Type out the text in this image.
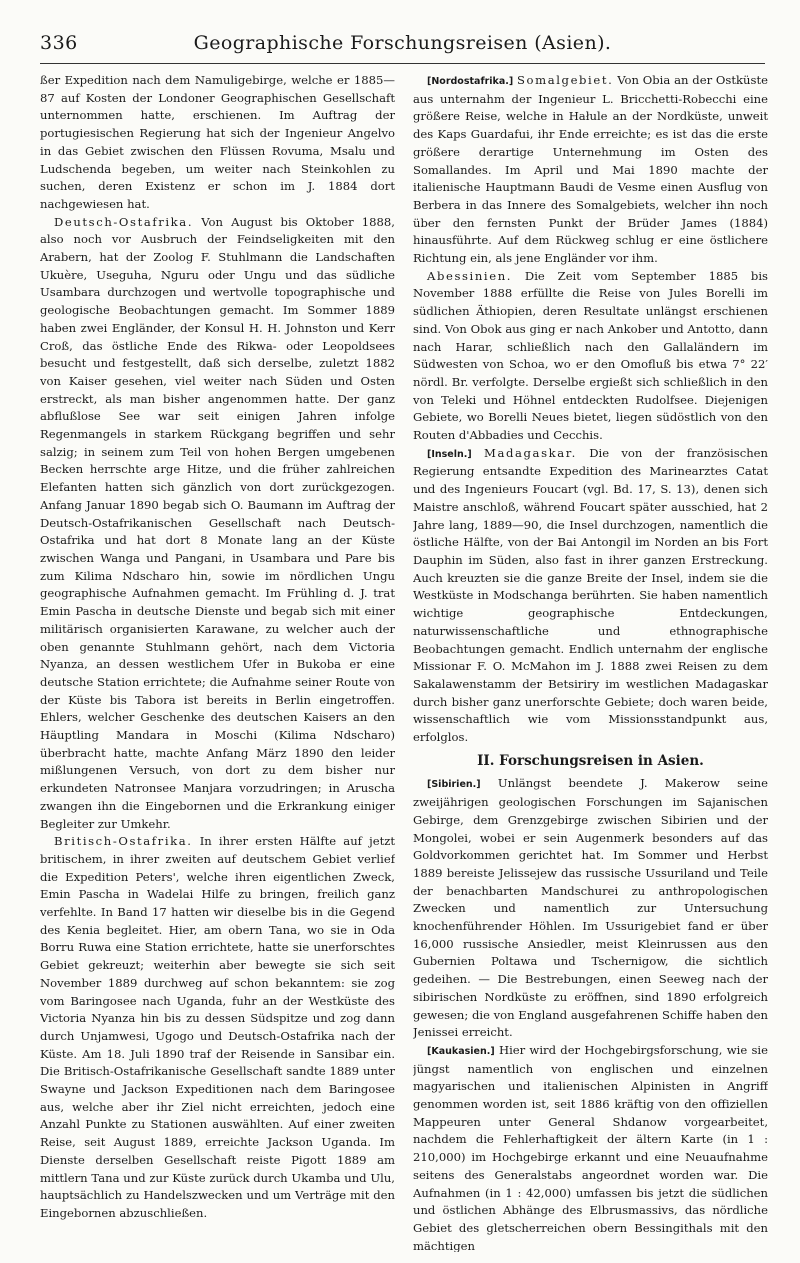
336	Geographische Forschungsreisen (Asien).

ßer Expedition nach dem Namuligebirge, welche er 1885—87 auf Kosten der Londoner Geographischen Gesellschaft unternommen hatte, erschienen. Im Auftrag der portugiesischen Regierung hat sich der Ingenieur Angelvo in das Gebiet zwischen den Flüssen Rovuma, Msalu und Ludschenda begeben, um weiter nach Steinkohlen zu suchen, deren Existenz er schon im J. 1884 dort nachgewiesen hat.

Deutsch-Ostafrika. Von August bis Oktober 1888, also noch vor Ausbruch der Feindseligkeiten mit den Arabern, hat der Zoolog F. Stuhlmann die Landschaften Ukuère, Useguha, Nguru oder Ungu und das südliche Usambara durchzogen und wertvolle topographische und geologische Beobachtungen gemacht. Im Sommer 1889 haben zwei Engländer, der Konsul H. H. Johnston und Kerr Croß, das östliche Ende des Rikwa- oder Leopoldsees besucht und festgestellt, daß sich derselbe, zuletzt 1882 von Kaiser gesehen, viel weiter nach Süden und Osten erstreckt, als man bisher angenommen hatte. Der ganz abflußlose See war seit einigen Jahren infolge Regenmangels in starkem Rückgang begriffen und sehr salzig; in seinem zum Teil von hohen Bergen umgebenen Becken herrschte arge Hitze, und die früher zahlreichen Elefanten hatten sich gänzlich von dort zurückgezogen. Anfang Januar 1890 begab sich O. Baumann im Auftrag der Deutsch-Ostafrikanischen Gesellschaft nach Deutsch-Ostafrika und hat dort 8 Monate lang an der Küste zwischen Wanga und Pangani, in Usambara und Pare bis zum Kilima Ndscharo hin, sowie im nördlichen Ungu geographische Aufnahmen gemacht. Im Frühling d. J. trat Emin Pascha in deutsche Dienste und begab sich mit einer militärisch organisierten Karawane, zu welcher auch der oben genannte Stuhlmann gehört, nach dem Victoria Nyanza, an dessen westlichem Ufer in Bukoba er eine deutsche Station errichtete; die Aufnahme seiner Route von der Küste bis Tabora ist bereits in Berlin eingetroffen. Ehlers, welcher Geschenke des deutschen Kaisers an den Häuptling Mandara in Moschi (Kilima Ndscharo) überbracht hatte, machte Anfang März 1890 den leider mißlungenen Versuch, von dort zu dem bisher nur erkundeten Natronsee Manjara vorzudringen; in Aruscha zwangen ihn die Eingebornen und die Erkrankung einiger Begleiter zur Umkehr.

Britisch-Ostafrika. In ihrer ersten Hälfte auf jetzt britischem, in ihrer zweiten auf deutschem Gebiet verlief die Expedition Peters', welche ihren eigentlichen Zweck, Emin Pascha in Wadelai Hilfe zu bringen, freilich ganz verfehlte. In Band 17 hatten wir dieselbe bis in die Gegend des Kenia begleitet. Hier, am obern Tana, wo sie in Oda Borru Ruwa eine Station errichtete, hatte sie unerforschtes Gebiet gekreuzt; weiterhin aber bewegte sie sich seit November 1889 durchweg auf schon bekanntem: sie zog vom Baringosee nach Uganda, fuhr an der Westküste des Victoria Nyanza hin bis zu dessen Südspitze und zog dann durch Unjamwesi, Ugogo und Deutsch-Ostafrika nach der Küste. Am 18. Juli 1890 traf der Reisende in Sansibar ein. Die Britisch-Ostafrikanische Gesellschaft sandte 1889 unter Swayne und Jackson Expeditionen nach dem Baringosee aus, welche aber ihr Ziel nicht erreichten, jedoch eine Anzahl Punkte zu Stationen auswählten. Auf einer zweiten Reise, seit August 1889, erreichte Jackson Uganda. Im Dienste derselben Gesellschaft reiste Pigott 1889 am mittlern Tana und zur Küste zurück durch Ukamba und Ulu, hauptsächlich zu Handelszwecken und um Verträge mit den Eingebornen abzuschließen.

[Nordostafrika.] Somalgebiet. Von Obia an der Ostküste aus unternahm der Ingenieur L. Bricchetti-Robecchi eine größere Reise, welche in Hałule an der Nordküste, unweit des Kaps Guardafui, ihr Ende erreichte; es ist das die erste größere derartige Unternehmung im Osten des Somallandes. Im April und Mai 1890 machte der italienische Hauptmann Baudi de Vesme einen Ausflug von Berbera in das Innere des Somalgebiets, welcher ihn noch über den fernsten Punkt der Brüder James (1884) hinausführte. Auf dem Rückweg schlug er eine östlichere Richtung ein, als jene Engländer vor ihm.

Abessinien. Die Zeit vom September 1885 bis November 1888 erfüllte die Reise von Jules Borelli im südlichen Äthiopien, deren Resultate unlängst erschienen sind. Von Obok aus ging er nach Ankober und Antotto, dann nach Harar, schließlich nach den Gallaländern im Südwesten von Schoa, wo er den Omofluß bis etwa 7° 22′ nördl. Br. verfolgte. Derselbe ergießt sich schließlich in den von Teleki und Höhnel entdeckten Rudolfsee. Diejenigen Gebiete, wo Borelli Neues bietet, liegen südöstlich von den Routen d'Abbadies und Cecchis.

[Inseln.] Madagaskar. Die von der französischen Regierung entsandte Expedition des Marinearztes Catat und des Ingenieurs Foucart (vgl. Bd. 17, S. 13), denen sich Maistre anschloß, während Foucart später ausschied, hat 2 Jahre lang, 1889—90, die Insel durchzogen, namentlich die östliche Hälfte, von der Bai Antongil im Norden an bis Fort Dauphin im Süden, also fast in ihrer ganzen Erstreckung. Auch kreuzten sie die ganze Breite der Insel, indem sie die Westküste in Modschanga berührten. Sie haben namentlich wichtige geographische Entdeckungen, naturwissenschaftliche und ethnographische Beobachtungen gemacht. Endlich unternahm der englische Missionar F. O. McMahon im J. 1888 zwei Reisen zu dem Sakalawenstamm der Betsiriry im westlichen Madagaskar durch bisher ganz unerforschte Gebiete; doch waren beide, wissenschaftlich wie vom Missionsstandpunkt aus, erfolglos.

II. Forschungsreisen in Asien.

[Sibirien.] Unlängst beendete J. Makerow seine zweijährigen geologischen Forschungen im Sajanischen Gebirge, dem Grenzgebirge zwischen Sibirien und der Mongolei, wobei er sein Augenmerk besonders auf das Goldvorkommen gerichtet hat. Im Sommer und Herbst 1889 bereiste Jelissejew das russische Ussuriland und Teile der benachbarten Mandschurei zu anthropologischen Zwecken und namentlich zur Untersuchung knochenführender Höhlen. Im Ussurigebiet fand er über 16,000 russische Ansiedler, meist Kleinrussen aus den Gubernien Poltawa und Tschernigow, die sichtlich gedeihen. — Die Bestrebungen, einen Seeweg nach der sibirischen Nordküste zu eröffnen, sind 1890 erfolgreich gewesen; die von England ausgefahrenen Schiffe haben den Jenissei erreicht.

[Kaukasien.] Hier wird der Hochgebirgsforschung, wie sie jüngst namentlich von englischen und einzelnen magyarischen und italienischen Alpinisten in Angriff genommen worden ist, seit 1886 kräftig von den offiziellen Mappeuren unter General Shdanow vorgearbeitet, nachdem die Fehlerhaftigkeit der ältern Karte (in 1 : 210,000) im Hochgebirge erkannt und eine Neuaufnahme seitens des Generalstabs angeordnet worden war. Die Aufnahmen (in 1 : 42,000) umfassen bis jetzt die südlichen und östlichen Abhänge des Elbrusmassivs, das nördliche Gebiet des gletscherreichen obern Bessingithals mit den mächtigen
